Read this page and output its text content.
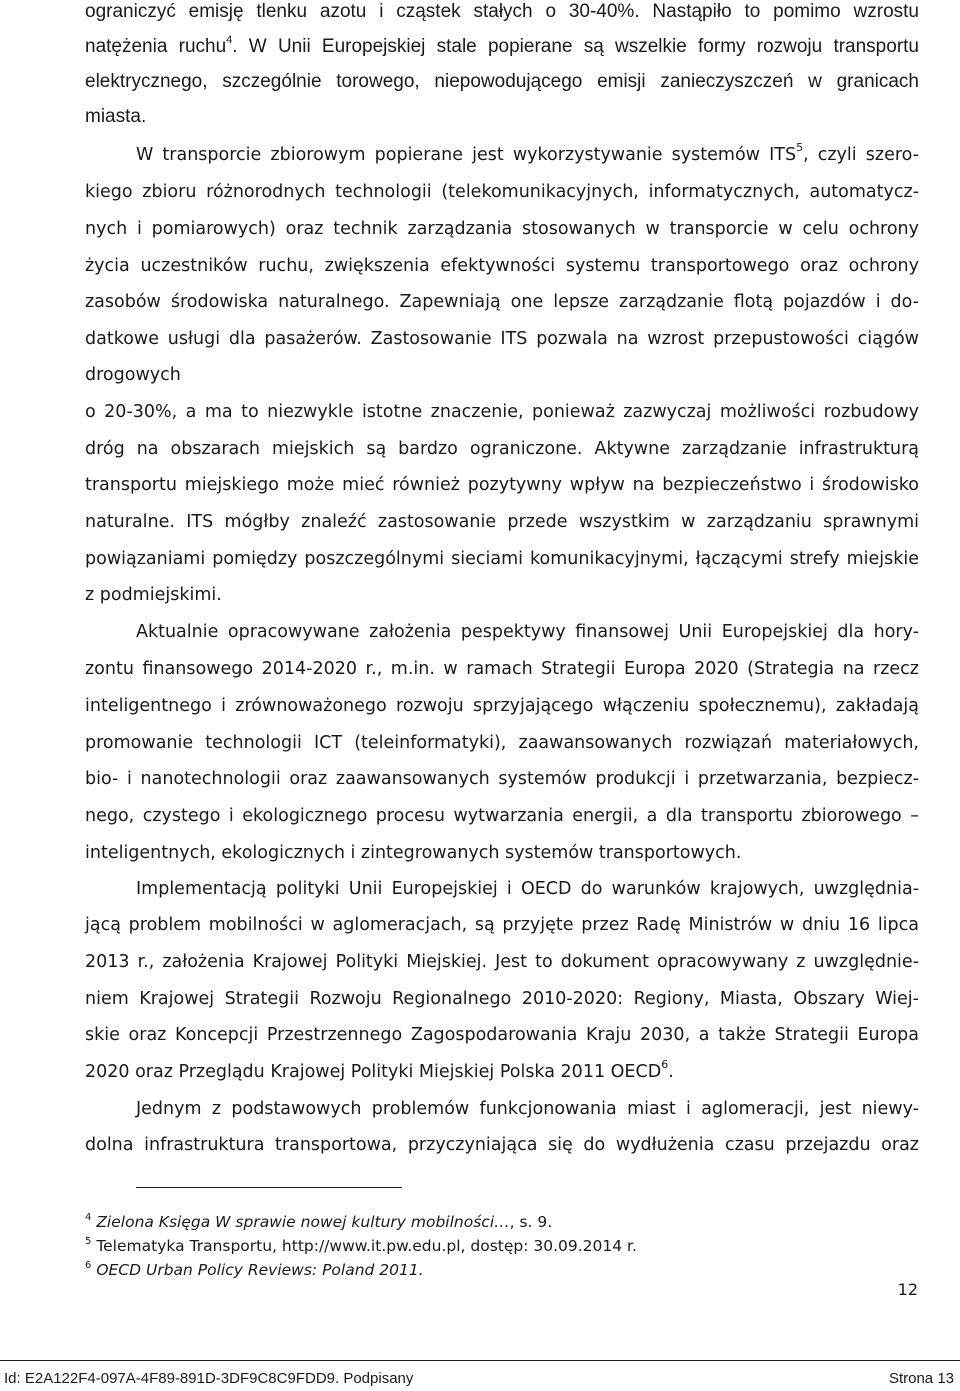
ograniczyć emisję tlenku azotu i cząstek stałych o 30-40%. Nastąpiło to pomimo wzrostu
natężenia ruchu$^4$. W Unii Europejskiej stale popierane są wszelkie formy rozwoju transportu
elektrycznego, szczególnie torowego, niepowodującego emisji zanieczyszczeń w granicach
miasta.
W transporcie zbiorowym popierane jest wykorzystywanie systemów ITS$^5$, czyli szero-
kiego zbioru różnorodnych technologii (telekomunikacyjnych, informatycznych, automatycz-
nych i pomiarowych) oraz technik zarządzania stosowanych w transporcie w celu ochrony
życia uczestników ruchu, zwiększenia efektywności systemu transportowego oraz ochrony
zasobów środowiska naturalnego. Zapewniają one lepsze zarządzanie flotą pojazdów i do-
datkowe usługi dla pasażerów. Zastosowanie ITS pozwala na wzrost przepustowości ciągów
drogowych
o 20-30%, a ma to niezwykle istotne znaczenie, ponieważ zazwyczaj możliwości rozbudowy
dróg na obszarach miejskich są bardzo ograniczone. Aktywne zarządzanie infrastrukturą
transportu miejskiego może mieć również pozytywny wpływ na bezpieczeństwo i środowisko
naturalne. ITS mógłby znaleźć zastosowanie przede wszystkim w zarządzaniu sprawnymi
powiązaniami pomiędzy poszczególnymi sieciami komunikacyjnymi, łączącymi strefy miejskie
z podmiejskimi.
Aktualnie opracowywane założenia pespektywy finansowej Unii Europejskiej dla hory-
zontu finansowego 2014-2020 r., m.in. w ramach Strategii Europa 2020 (Strategia na rzecz
inteligentnego i zrównoważonego rozwoju sprzyjającego włączeniu społecznemu), zakładają
promowanie technologii ICT (teleinformatyki), zaawansowanych rozwiązań materiałowych,
bio- i nanotechnologii oraz zaawansowanych systemów produkcji i przetwarzania, bezpiecz-
nego, czystego i ekologicznego procesu wytwarzania energii, a dla transportu zbiorowego –
inteligentnych, ekologicznych i zintegrowanych systemów transportowych.
Implementacją polityki Unii Europejskiej i OECD do warunków krajowych, uwzględnia-
jącą problem mobilności w aglomeracjach, są przyjęte przez Radę Ministrów w dniu 16 lipca
2013 r., założenia Krajowej Polityki Miejskiej. Jest to dokument opracowywany z uwzględnie-
niem Krajowej Strategii Rozwoju Regionalnego 2010-2020: Regiony, Miasta, Obszary Wiej-
skie oraz Koncepcji Przestrzennego Zagospodarowania Kraju 2030, a także Strategii Europa
2020 oraz Przeglądu Krajowej Polityki Miejskiej Polska 2011 OECD$^6$.
Jednym z podstawowych problemów funkcjonowania miast i aglomeracji, jest niewy-
dolna infrastruktura transportowa, przyczyniająca się do wydłużenia czasu przejazdu oraz
$^4$ Zielona Księga W sprawie nowej kultury mobilności…, s. 9.
$^5$ Telematyka Transportu, http://www.it.pw.edu.pl, dostęp: 30.09.2014 r.
$^6$ OECD Urban Policy Reviews: Poland 2011.
12
Id: E2A122F4-097A-4F89-891D-3DF9C8C9FDD9. Podpisany	Strona 13
